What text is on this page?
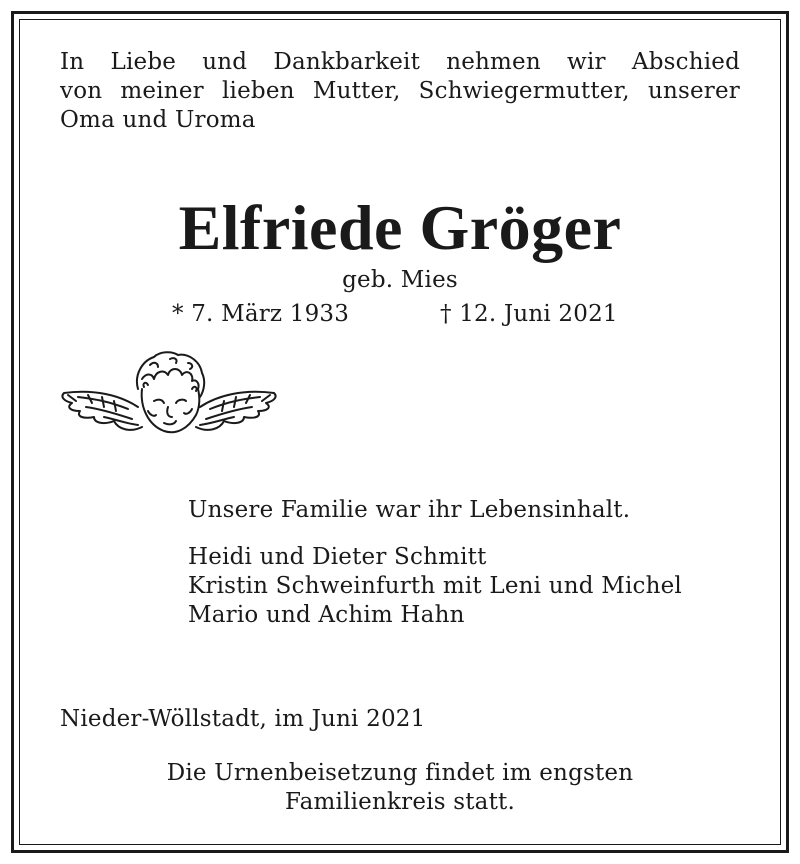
In Liebe und Dankbarkeit nehmen wir Abschied
von meiner lieben Mutter, Schwiegermutter, unserer
Oma und Uroma
Elfriede Gröger
geb. Mies
* 7. März 1933	† 12. Juni 2021
Unsere Familie war ihr Lebensinhalt.
Heidi und Dieter Schmitt
Kristin Schweinfurth mit Leni und Michel
Mario und Achim Hahn
Nieder-Wöllstadt, im Juni 2021
Die Urnenbeisetzung findet im engsten
Familienkreis statt.
